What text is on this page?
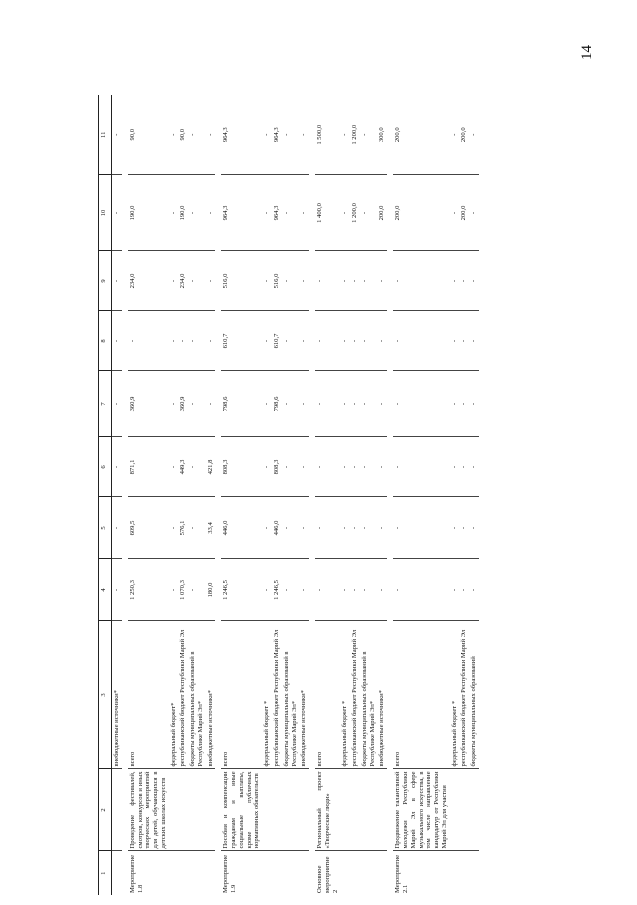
14
1	2	3	4	5	6	7	8	9	10	11
		внебюджетные источники*	-	-	-	-	-	-	-	-

Мероприятие 1.8	Проведение фестивалей, смотров, конкурсов и иных творческих мероприятий для детей, обучающихся в детских школах искусств	всего	1 250,3	609,5	871,1	360,9	-	234,0	190,0	90,0
		федеральный бюджет*	-	-	-	-	-	-	-	-
		республиканский бюджет Республики Марий Эл	1 070,3	576,1	449,3	360,9	-	234,0	190,0	90,0
		бюджеты муниципальных образований в Республике Марий Эл*	-	-	-	-	-	-	-	-
		внебюджетные источники*	180,0	33,4	421,8	-	-	-	-	-

Мероприятие 1.9	Пособия и компенсации гражданам и иные социальные выплаты, кроме публичных нормативных обязательств	всего	1 246,5	446,0	808,3	798,6	610,7	516,0	964,3	964,3
		федеральный бюджет *	-	-	-	-	-	-	-	-
		республиканский бюджет Республики Марий Эл	1 246,5	446,0	808,3	798,6	610,7	516,0	964,3	964,3
		бюджеты муниципальных образований в Республике Марий Эл*	-	-	-	-	-	-	-	-
		внебюджетные источники*	-	-	-	-	-	-	-	-

Основное мероприятие 2	Региональный проект «Творческие люди»	всего	-	-	-	-	-	-	1 400,0	1 500,0
		федеральный бюджет *	-	-	-	-	-	-	-	-
		республиканский бюджет Республики Марий Эл	-	-	-	-	-	-	1 200,0	1 200,0
		бюджеты муниципальных образований в Республике Марий Эл*	-	-	-	-	-	-	-	-
		внебюджетные источники*	-	-	-	-	-	-	200,0	300,0

Мероприятие 2.1	Продвижение талантливой молодежи Республики Марий Эл в сфере музыкального искусства, в том числе направление кандидатур от Республики Марий Эл для участия	всего	-	-	-	-	-	-	200,0	200,0
		федеральный бюджет *	-	-	-	-	-	-	-	-
		республиканский бюджет Республики Марий Эл	-	-	-	-	-	-	200,0	200,0
		бюджеты муниципальных образований	-	-	-	-	-	-	-	-
